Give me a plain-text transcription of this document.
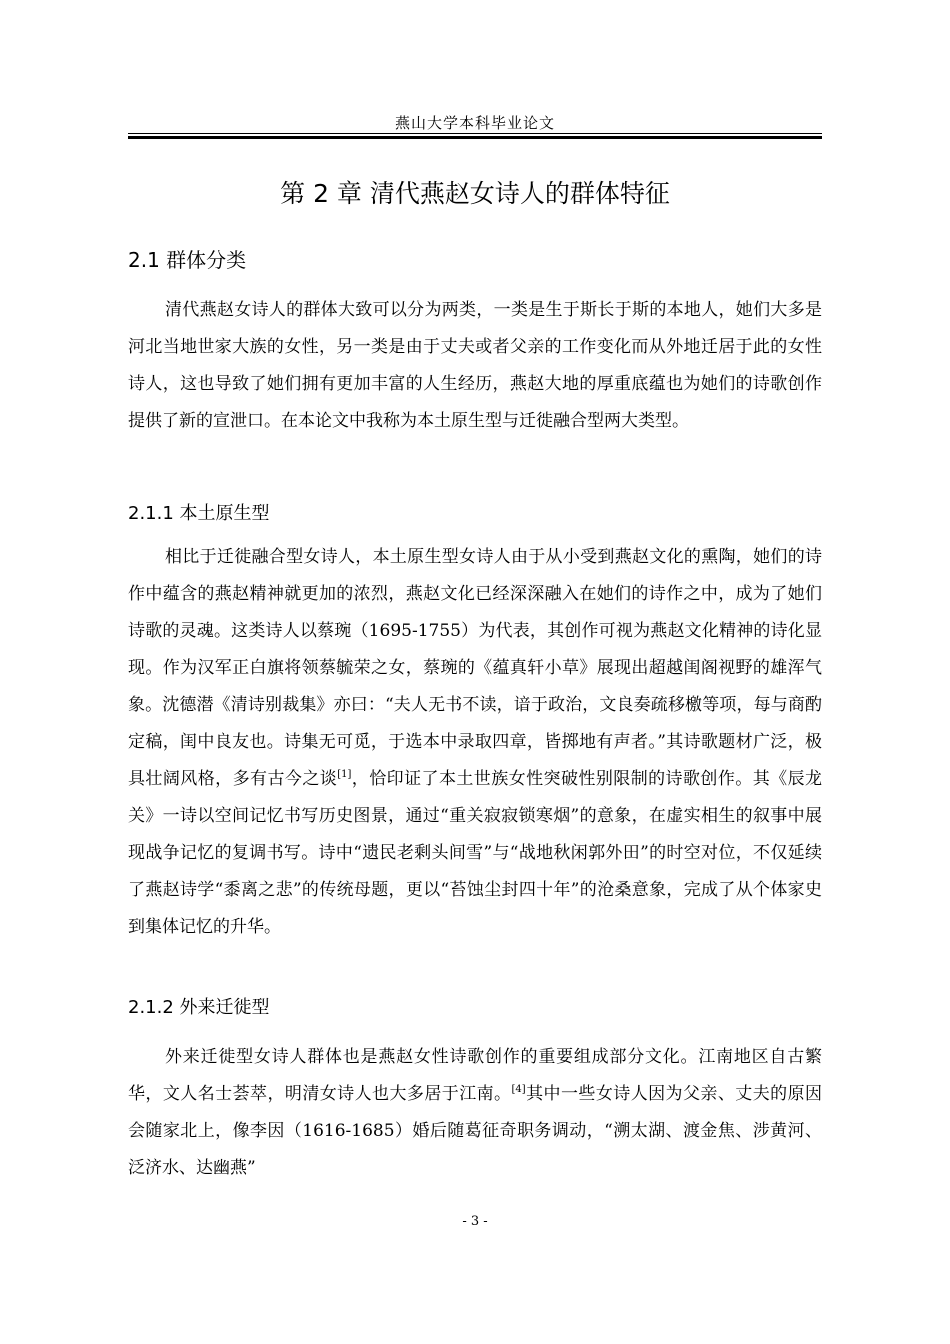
燕山大学本科毕业论文
第 2 章 清代燕赵女诗人的群体特征
2.1 群体分类

清代燕赵女诗人的群体大致可以分为两类，一类是生于斯长于斯的本地人，她们大多是河北当地世家大族的女性，另一类是由于丈夫或者父亲的工作变化而从外地迁居于此的女性诗人，这也导致了她们拥有更加丰富的人生经历，燕赵大地的厚重底蕴也为她们的诗歌创作提供了新的宣泄口。在本论文中我称为本土原生型与迁徙融合型两大类型。

2.1.1 本土原生型

相比于迁徙融合型女诗人，本土原生型女诗人由于从小受到燕赵文化的熏陶，她们的诗作中蕴含的燕赵精神就更加的浓烈，燕赵文化已经深深融入在她们的诗作之中，成为了她们诗歌的灵魂。这类诗人以蔡琬（1695-1755）为代表，其创作可视为燕赵文化精神的诗化显现。作为汉军正白旗将领蔡毓荣之女，蔡琬的《蕴真轩小草》展现出超越闺阁视野的雄浑气象。沈德潜《清诗别裁集》亦曰：“夫人无书不读，谙于政治，文良奏疏移檄等项，每与商酌定稿，闺中良友也。诗集无可觅，于选本中录取四章，皆掷地有声者。”其诗歌题材广泛，极具壮阔风格，多有古今之谈[1]，恰印证了本土世族女性突破性别限制的诗歌创作。其《辰龙关》一诗以空间记忆书写历史图景，通过“重关寂寂锁寒烟”的意象，在虚实相生的叙事中展现战争记忆的复调书写。诗中“遗民老剩头间雪”与“战地秋闲郭外田”的时空对位，不仅延续了燕赵诗学“黍离之悲”的传统母题，更以“苔蚀尘封四十年”的沧桑意象，完成了从个体家史到集体记忆的升华。

2.1.2 外来迁徙型

外来迁徙型女诗人群体也是燕赵女性诗歌创作的重要组成部分文化。江南地区自古繁华，文人名士荟萃，明清女诗人也大多居于江南。[4]其中一些女诗人因为父亲、丈夫的原因会随家北上，像李因（1616-1685）婚后随葛征奇职务调动，“溯太湖、渡金焦、涉黄河、泛济水、达幽燕”

- 3 -
